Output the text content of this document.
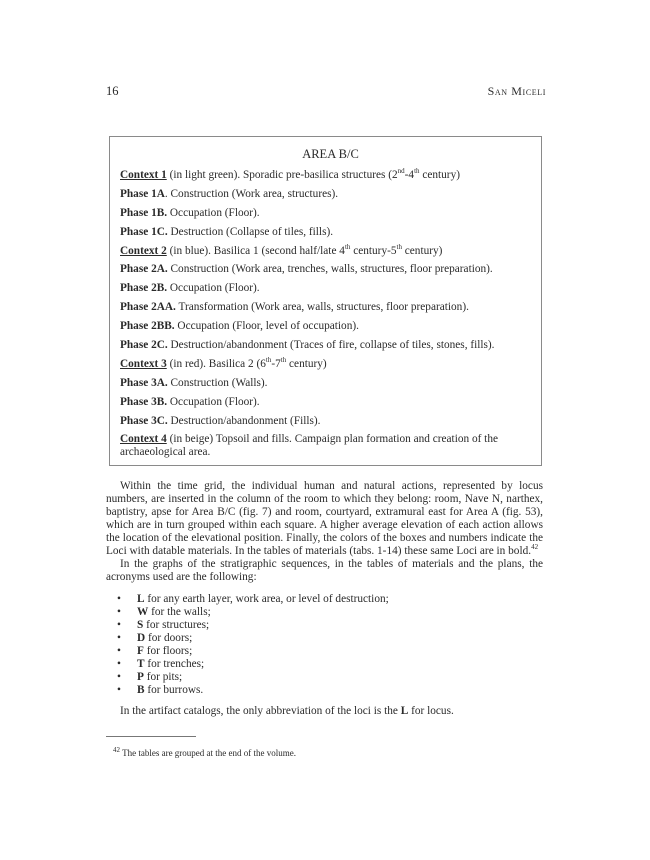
16	San Miceli
AREA B/C
Context 1 (in light green). Sporadic pre-basilica structures (2nd-4th century)
Phase 1A. Construction (Work area, structures).
Phase 1B. Occupation (Floor).
Phase 1C. Destruction (Collapse of tiles, fills).
Context 2 (in blue). Basilica 1 (second half/late 4th century-5th century)
Phase 2A. Construction (Work area, trenches, walls, structures, floor preparation).
Phase 2B. Occupation (Floor).
Phase 2AA. Transformation (Work area, walls, structures, floor preparation).
Phase 2BB. Occupation (Floor, level of occupation).
Phase 2C. Destruction/abandonment (Traces of fire, collapse of tiles, stones, fills).
Context 3 (in red). Basilica 2 (6th-7th century)
Phase 3A. Construction (Walls).
Phase 3B. Occupation (Floor).
Phase 3C. Destruction/abandonment (Fills).
Context 4 (in beige) Topsoil and fills. Campaign plan formation and creation of the archaeological area.
Within the time grid, the individual human and natural actions, represented by locus numbers, are inserted in the column of the room to which they belong: room, Nave N, narthex, baptistry, apse for Area B/C (fig. 7) and room, courtyard, extramural east for Area A (fig. 53), which are in turn grouped within each square. A higher average elevation of each action allows the location of the elevational position. Finally, the colors of the boxes and numbers indicate the Loci with datable materials. In the tables of materials (tabs. 1-14) these same Loci are in bold.$^{42}$
In the graphs of the stratigraphic sequences, in the tables of materials and the plans, the acronyms used are the following:
• L for any earth layer, work area, or level of destruction;
• W for the walls;
• S for structures;
• D for doors;
• F for floors;
• T for trenches;
• P for pits;
• B for burrows.
In the artifact catalogs, the only abbreviation of the loci is the L for locus.
$^{42}$ The tables are grouped at the end of the volume.
